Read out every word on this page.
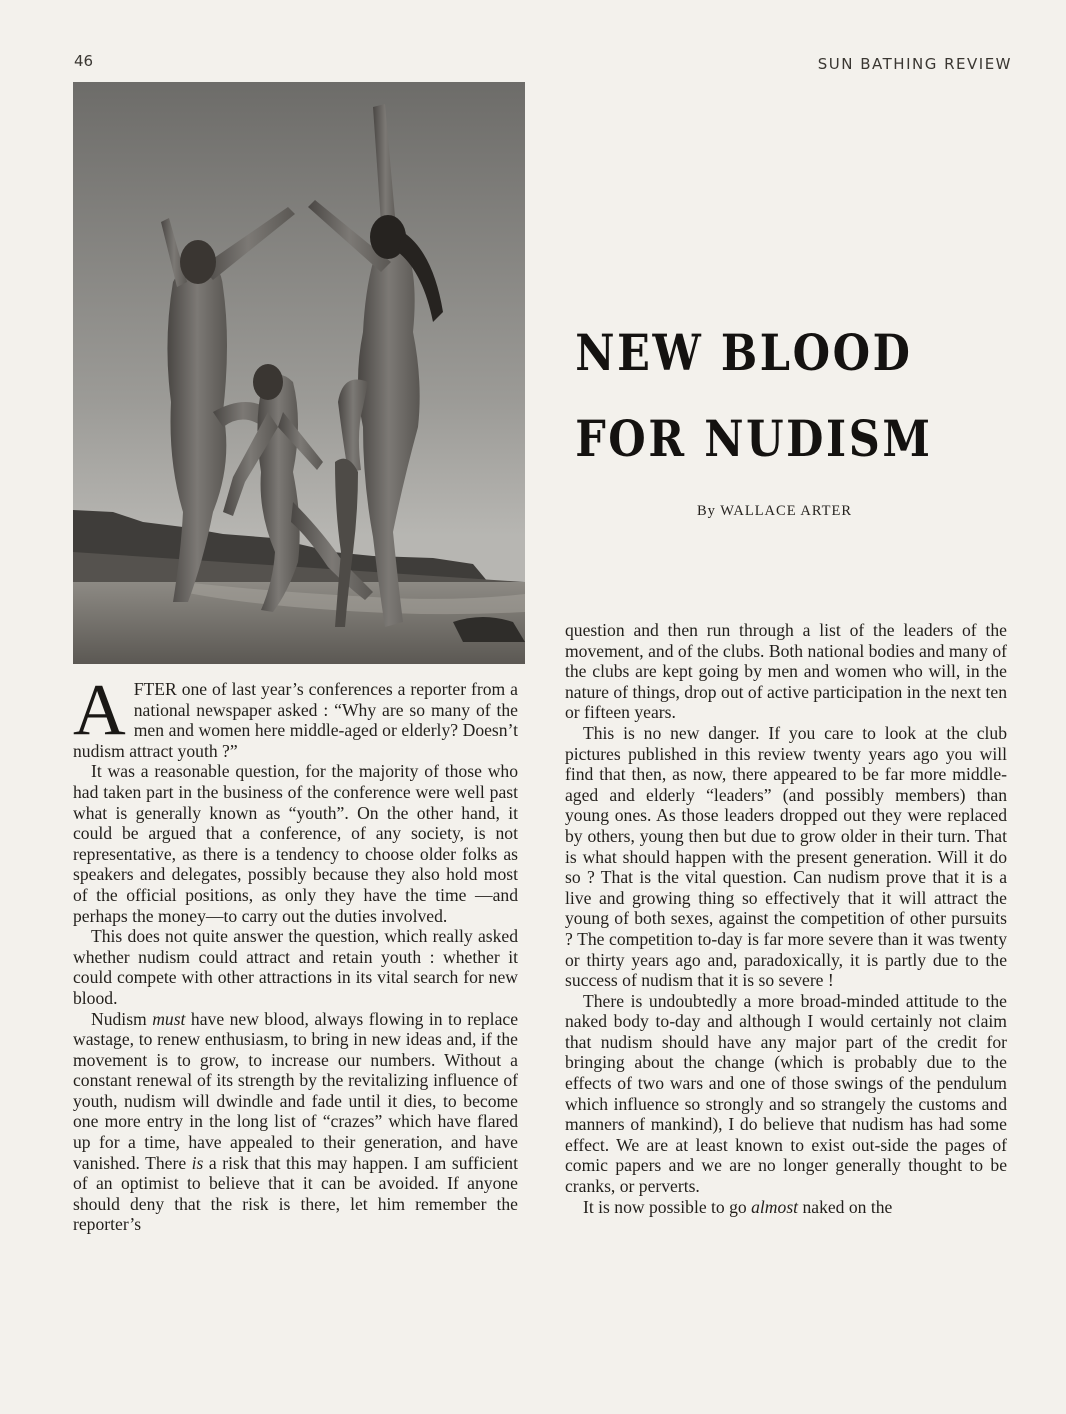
46	SUN BATHING REVIEW
NEW BLOOD
FOR NUDISM
By WALLACE ARTER

AFTER one of last year’s conferences a reporter from a national newspaper asked : “Why are so many of the men and women here middle-aged or elderly? Doesn’t nudism attract youth ?”

It was a reasonable question, for the majority of those who had taken part in the business of the conference were well past what is generally known as “youth”. On the other hand, it could be argued that a conference, of any society, is not representative, as there is a tendency to choose older folks as speakers and delegates, possibly because they also hold most of the official positions, as only they have the time —and perhaps the money—to carry out the duties involved.

This does not quite answer the question, which really asked whether nudism could attract and retain youth : whether it could compete with other attractions in its vital search for new blood.

Nudism must have new blood, always flowing in to replace wastage, to renew enthusiasm, to bring in new ideas and, if the movement is to grow, to increase our numbers. Without a constant renewal of its strength by the revitalizing influence of youth, nudism will dwindle and fade until it dies, to become one more entry in the long list of “crazes” which have flared up for a time, have appealed to their generation, and have vanished. There is a risk that this may happen. I am sufficient of an optimist to believe that it can be avoided. If anyone should deny that the risk is there, let him remember the reporter’s

question and then run through a list of the leaders of the movement, and of the clubs. Both national bodies and many of the clubs are kept going by men and women who will, in the nature of things, drop out of active participation in the next ten or fifteen years.

This is no new danger. If you care to look at the club pictures published in this review twenty years ago you will find that then, as now, there appeared to be far more middle-aged and elderly “leaders” (and possibly members) than young ones. As those leaders dropped out they were replaced by others, young then but due to grow older in their turn. That is what should happen with the present generation. Will it do so ? That is the vital question. Can nudism prove that it is a live and growing thing so effectively that it will attract the young of both sexes, against the competition of other pursuits ? The competition to-day is far more severe than it was twenty or thirty years ago and, paradoxically, it is partly due to the success of nudism that it is so severe !

There is undoubtedly a more broad-minded attitude to the naked body to-day and although I would certainly not claim that nudism should have any major part of the credit for bringing about the change (which is probably due to the effects of two wars and one of those swings of the pendulum which influence so strongly and so strangely the customs and manners of mankind), I do believe that nudism has had some effect. We are at least known to exist out-side the pages of comic papers and we are no longer generally thought to be cranks, or perverts.

It is now possible to go almost naked on the
